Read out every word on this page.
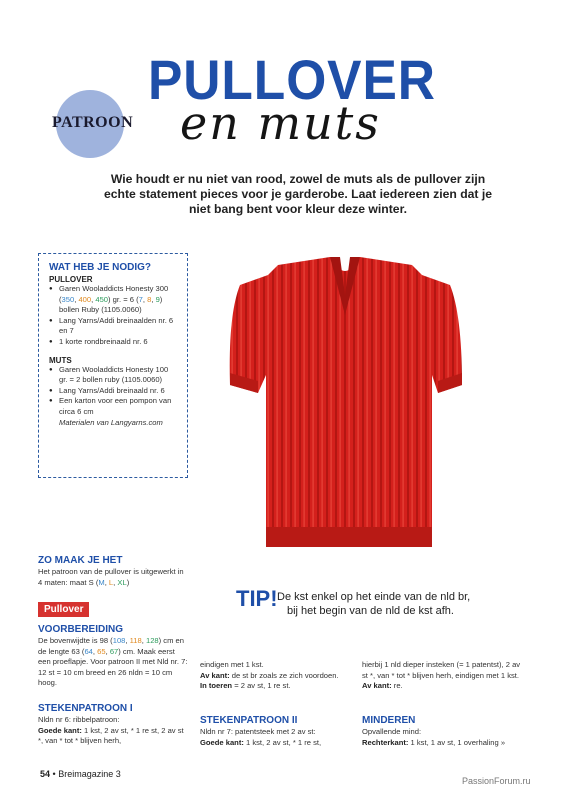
PATROON
PULLOVER
en muts
Wie houdt er nu niet van rood, zowel de muts als de pullover zijn echte statement pieces voor je garderobe. Laat iedereen zien dat je niet bang bent voor kleur deze winter.
WAT HEB JE NODIG?
PULLOVER
● Garen Wooladdicts Honesty 300 (350, 400, 450) gr. = 6 (7, 8, 9) bollen Ruby (1105.0060)
● Lang Yarns/Addi breinaalden nr. 6 en 7
● 1 korte rondbreinaald nr. 6
MUTS
● Garen Wooladdicts Honesty 100 gr. = 2 bollen ruby (1105.0060)
● Lang Yarns/Addi breinaald nr. 6
● Een karton voor een pompon van circa 6 cm
Materialen van Langyarns.com
ZO MAAK JE HET

Het patroon van de pullover is uitgewerkt in 4 maten: maat S (M, L, XL)

Pullover
VOORBEREIDING

De bovenwijdte is 98 (108, 118, 128) cm en de lengte 63 (64, 65, 67) cm. Maak eerst een proeflapje. Voor patroon II met Nld nr. 7: 12 st = 10 cm breed en 26 nldn = 10 cm hoog.

STEKENPATROON I

Nldn nr 6: ribbelpatroon:

Goede kant: 1 kst, 2 av st, * 1 re st, 2 av st *, van * tot * blijven herh,

TIP! De kst enkel op het einde van de nld br,
bij het begin van de nld de kst afh.

eindigen met 1 kst.

Av kant: de st br zoals ze zich voordoen.

In toeren = 2 av st, 1 re st.

STEKENPATROON II

Nldn nr 7: patentsteek met 2 av st:

Goede kant: 1 kst, 2 av st, * 1 re st,

hierbij 1 nld dieper insteken (= 1 patentst), 2 av st *, van * tot * blijven herh, eindigen met 1 kst.

Av kant: re.

MINDEREN

Opvallende mind:

Rechterkant: 1 kst, 1 av st, 1 overhaling »

54 • Breimagazine 3
PassionForum.ru
